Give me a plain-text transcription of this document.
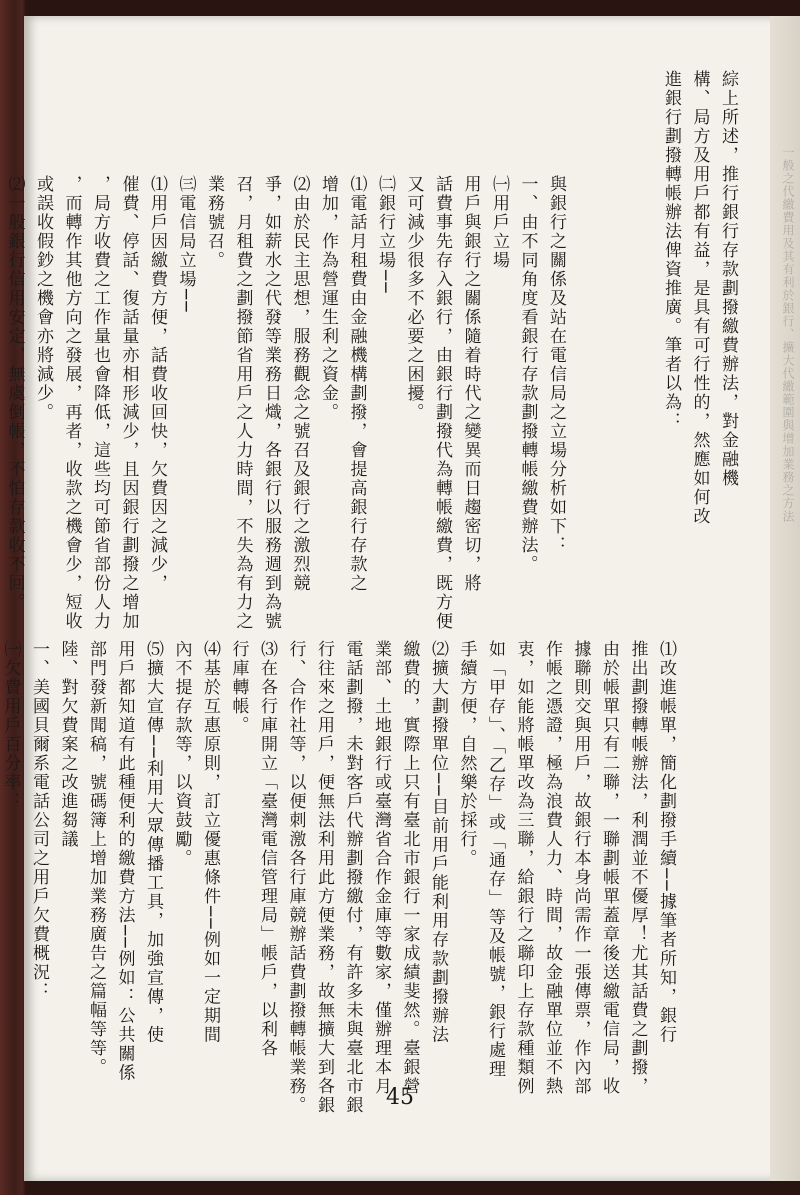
一般之代繳費用及其有利於銀行、擴大代繳範圍與增加業務之方法
綜上所述，推行銀行存款劃撥繳費辦法，對金融機
構、局方及用戶都有益，是具有可行性的，然應如何改
進銀行劃撥轉帳辦法俾資推廣。筆者以為：
與銀行之關係及站在電信局之立場分析如下：
一、由不同角度看銀行存款劃撥轉帳繳費辦法。
㈠用戶立場
用戶與銀行之關係隨着時代之變異而日趨密切，將
話費事先存入銀行，由銀行劃撥代為轉帳繳費，既方便
又可減少很多不必要之困擾。
㈡銀行立場──
⑴電話月租費由金融機構劃撥，會提高銀行存款之
增加，作為營運生利之資金。
⑵由於民主思想，服務觀念之號召及銀行之激烈競
爭，如薪水之代發等業務日熾，各銀行以服務週到為號
召，月租費之劃撥節省用戶之人力時間，不失為有力之
業務號召。
㈢電信局立場──
⑴用戶因繳費方便，話費收回快，欠費因之減少，
催費、停話、復話量亦相形減少，且因銀行劃撥之增加
，局方收費之工作量也會降低，這些均可節省部份人力
，而轉作其他方向之發展，再者，收款之機會少，短收
或誤收假鈔之機會亦將減少。
⑵一般銀行信用安定，無虞倒帳，不怕存款收不回。

⑴改進帳單，簡化劃撥手續──據筆者所知，銀行
推出劃撥轉帳辦法，利潤並不優厚！尤其話費之劃撥，
由於帳單只有二聯，一聯劃帳單蓋章後送繳電信局，收
據聯則交與用戶，故銀行本身尚需作一張傳票，作內部
作帳之憑證，極為浪費人力、時間，故金融單位並不熱
衷，如能將帳單改為三聯，給銀行之聯印上存款種類例
如「甲存」、「乙存」或「通存」等及帳號，銀行處理
手續方便，自然樂於採行。
⑵擴大劃撥單位──目前用戶能利用存款劃撥辦法
繳費的，實際上只有臺北市銀行一家成績斐然。臺銀營
業部、土地銀行或臺灣省合作金庫等數家，僅辦理本月
電話劃撥，未對客戶代辦劃撥繳付，有許多未與臺北市銀
行往來之用戶，便無法利用此方便業務，故無擴大到各銀
行、合作社等，以便刺激各行庫競辦話費劃撥轉帳業務。
⑶在各行庫開立「臺灣電信管理局」帳戶，以利各
行庫轉帳。
⑷基於互惠原則，訂立優惠條件──例如一定期間
內不提存款等，以資鼓勵。
⑸擴大宣傳──利用大眾傳播工具，加強宣傳，使
用戶都知道有此種便利的繳費方法──例如：公共關係
部門發新聞稿，號碼簿上增加業務廣告之篇幅等等。
陸、對欠費案之改進芻議
一、美國貝爾系電話公司之用戶欠費概況：
㈠欠費用戶百分率：
45
